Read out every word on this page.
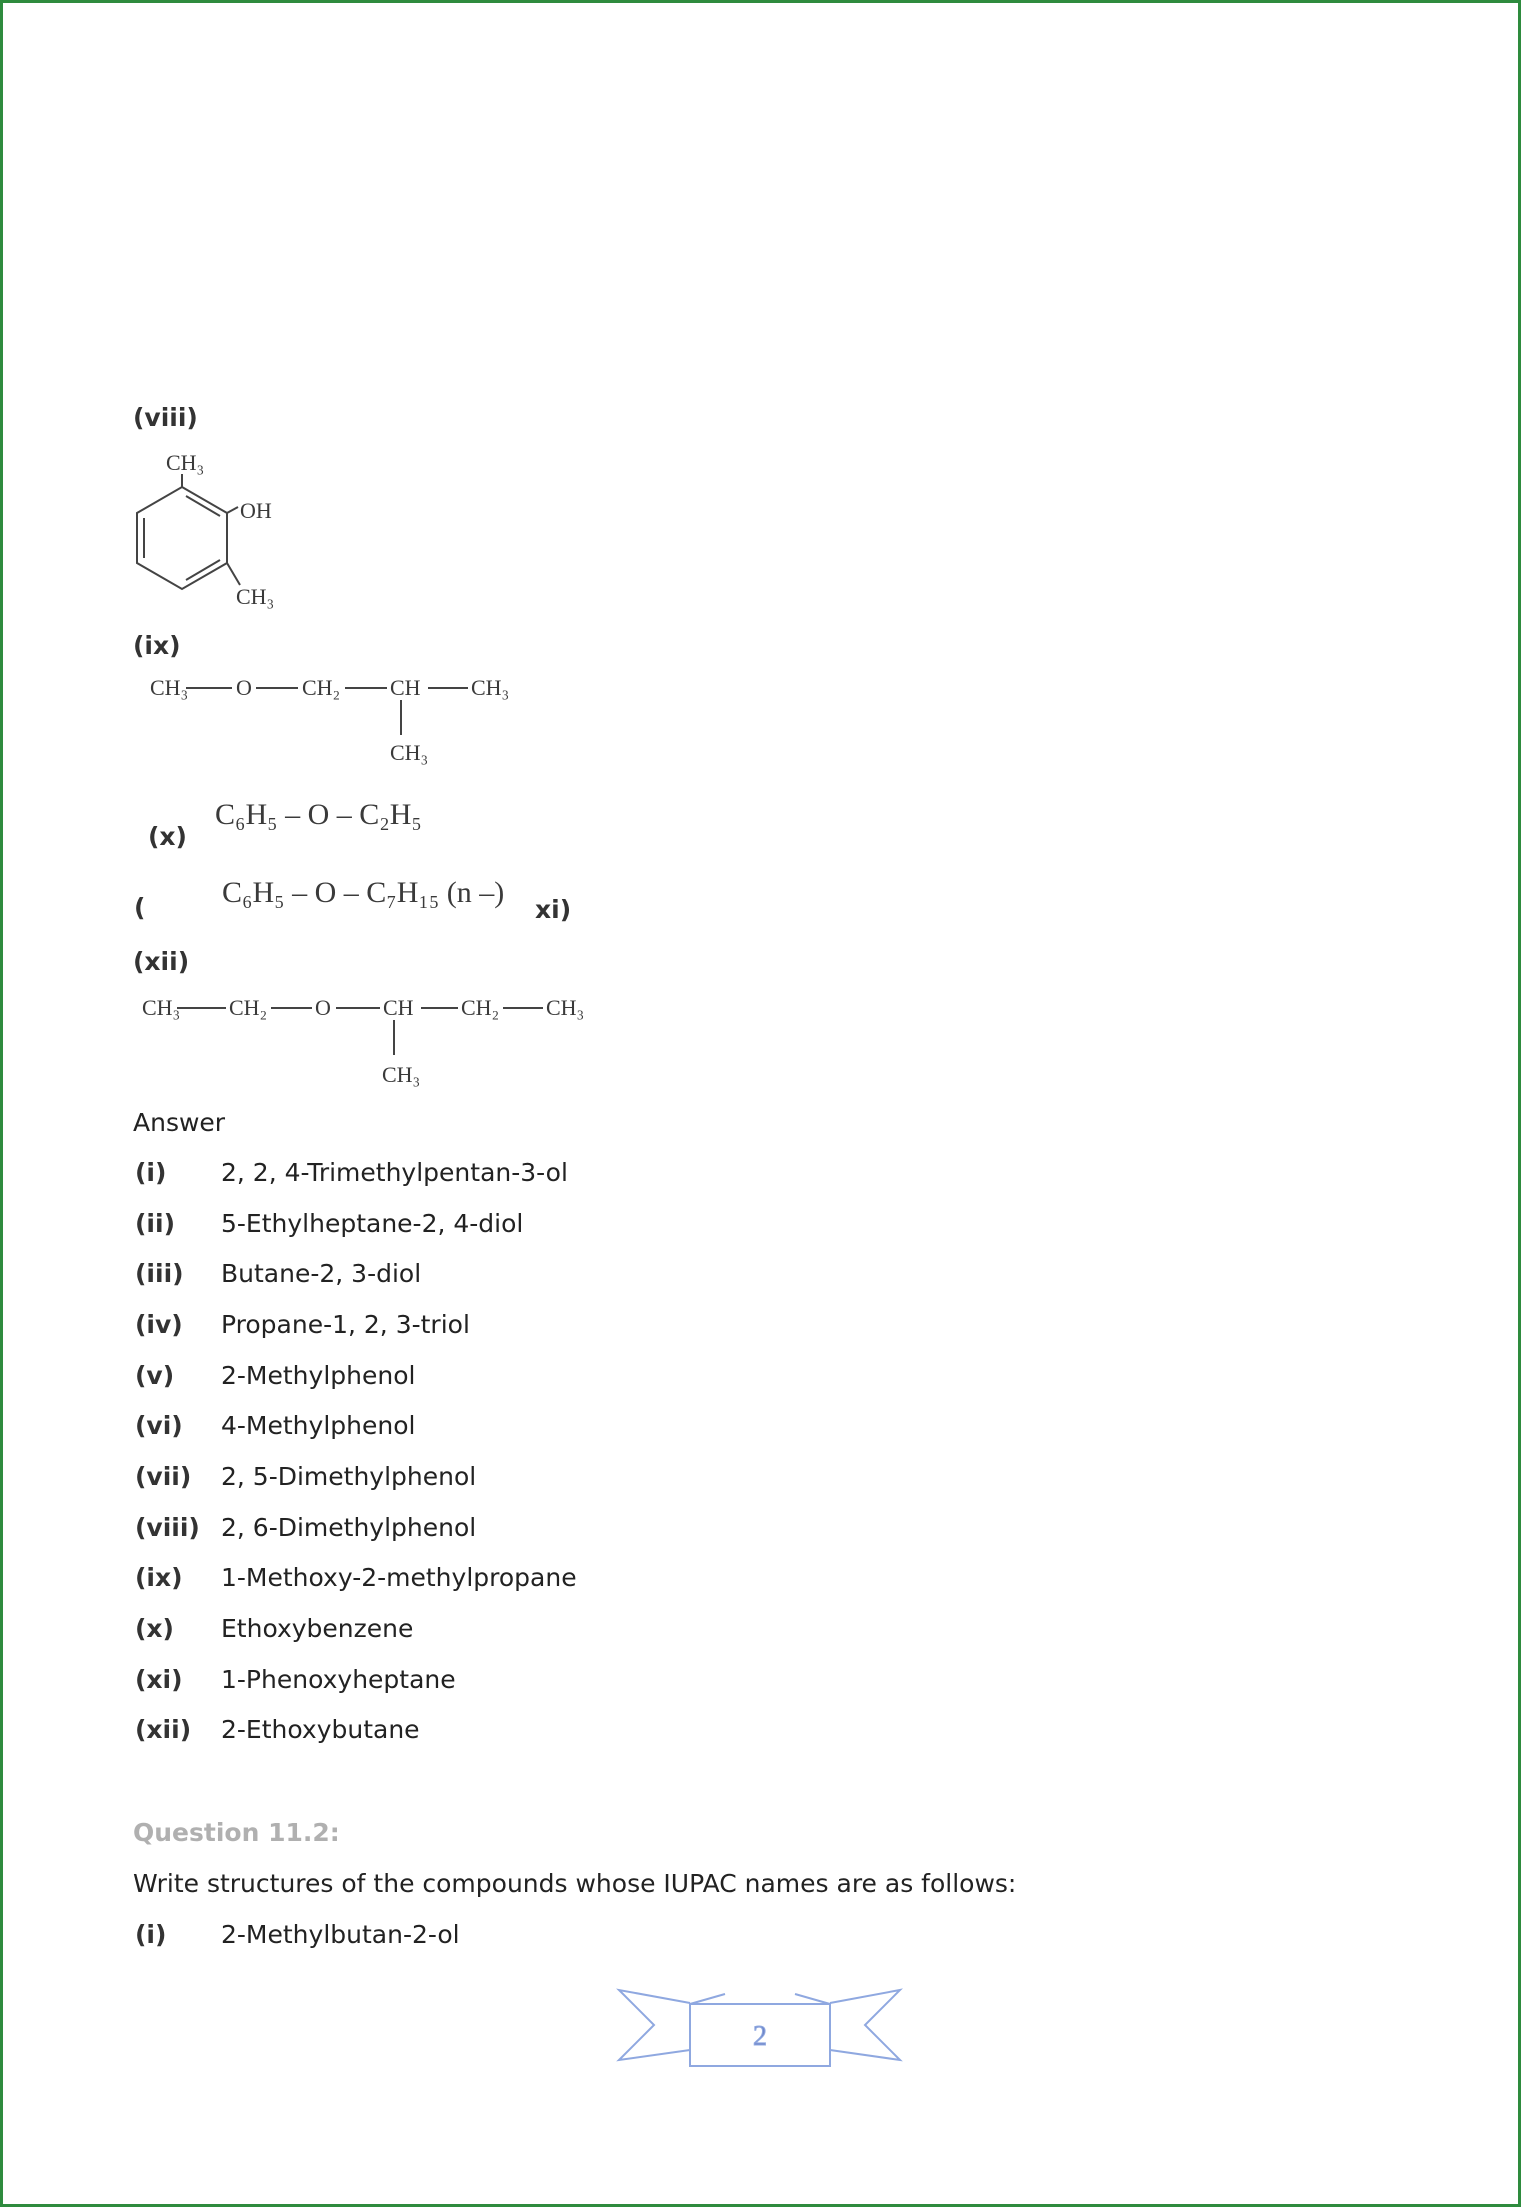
(viii)
(ix)
(x)
(	xi)
(xii)
CH₃
OH
CH₃
CH₃ O CH₂ CH CH₃
CH₃
C₆H₅ – O – C₂H₅
C₆H₅ – O – C₇H₁₅ (n –)
CH₃ CH₂ O CH CH₂ CH₃
CH₃
2
Answer
(i) 2, 2, 4-Trimethylpentan-3-ol
(ii) 5-Ethylheptane-2, 4-diol
(iii) Butane-2, 3-diol
(iv) Propane-1, 2, 3-triol
(v) 2-Methylphenol
(vi) 4-Methylphenol
(vii) 2, 5-Dimethylphenol
(viii) 2, 6-Dimethylphenol
(ix) 1-Methoxy-2-methylpropane
(x) Ethoxybenzene
(xi) 1-Phenoxyheptane
(xii) 2-Ethoxybutane
Question 11.2:
Write structures of the compounds whose IUPAC names are as follows:
(i) 2-Methylbutan-2-ol
